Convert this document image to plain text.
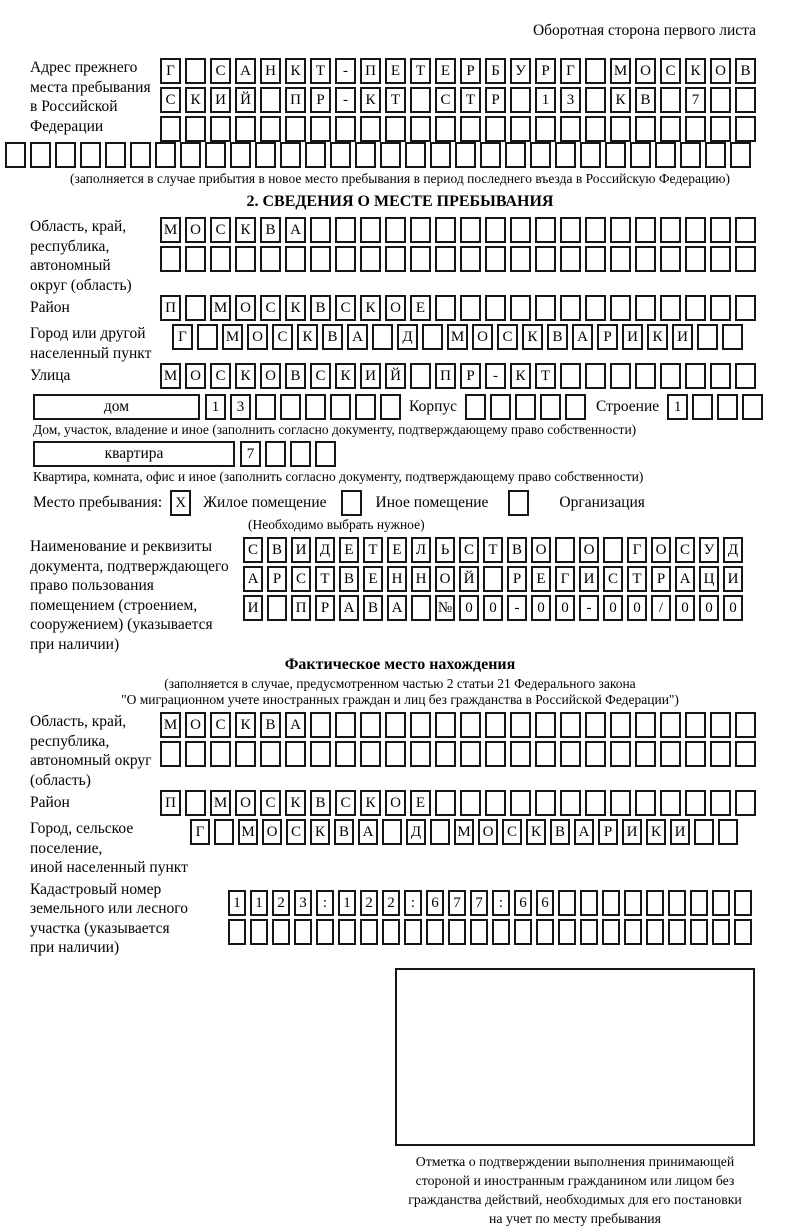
Оборотная сторона первого листа
Адрес прежнего
места пребывания
в Российской
Федерации
Г	С А Н К Т - П Е Т Е Р Б У Р Г	М О С К О В
С К И Й	П Р - К Т	С Т Р	1 3	К В	7
(заполняется в случае прибытия в новое место пребывания в период последнего въезда в Российскую Федерацию)
2. СВЕДЕНИЯ О МЕСТЕ ПРЕБЫВАНИЯ
Область, край,
республика,
автономный
округ (область)
М О С К В А
Район	П	М О С К В С К О Е
Город или другой
населенный пункт
Г	М О С К В А	Д	М О С К В А Р И К И
Улица	М О С К О В С К И Й	П Р - К Т
дом	1 3	Корпус	Строение 1
Дом, участок, владение и иное (заполнить согласно документу, подтверждающему право собственности)
квартира	7
Квартира, комната, офис и иное (заполнить согласно документу, подтверждающему право собственности)
Место пребывания: X	Жилое помещение	Иное помещение	Организация
(Необходимо выбрать нужное)
Наименование и реквизиты
документа, подтверждающего
право пользования
помещением (строением,
сооружением) (указывается
при наличии)
С В И Д Е Т Е Л Ь С Т В О О	Г О С У Д
А Р С Т В Е Н Н О Й	Р Е Г И С Т Р А Ц И
И П Р А В А № 0 0 - 0 0 - 0 0 / 0 0 0
Фактическое место нахождения
(заполняется в случае, предусмотренном частью 2 статьи 21 Федерального закона
"О миграционном учете иностранных граждан и лиц без гражданства в Российской Федерации")
Область, край,
республика,
автономный округ
(область)
М О С К В А
Район	П	М О С К В С К О Е
Город, сельское поселение,
иной населенный пункт
Г М О С К В А Д М О С К В А Р И К И
Кадастровый номер
земельного или лесного
участка (указывается
при наличии)
1 1 2 3 : 1 2 2 : 6 7 7 : 6 6
Отметка о подтверждении выполнения принимающей
стороной и иностранным гражданином или лицом без
гражданства действий, необходимых для его постановки
на учет по месту пребывания
